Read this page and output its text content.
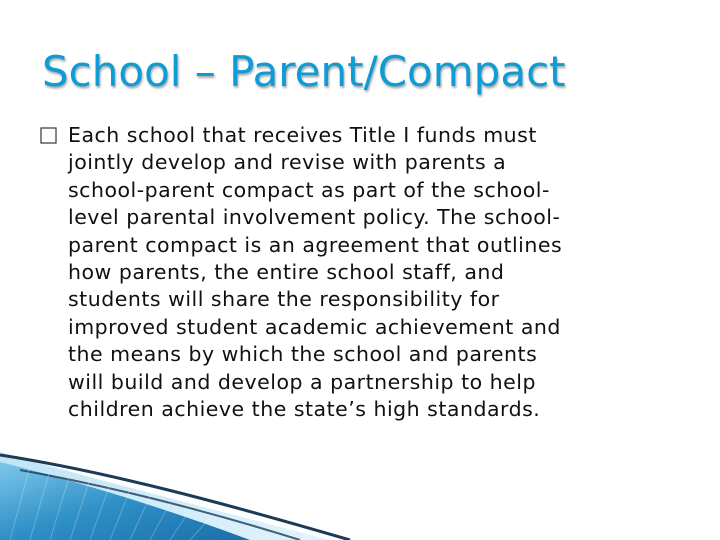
School – Parent/Compact
Each school that receives Title I funds must
jointly develop and revise with parents a
school-parent compact as part of the school-
level parental involvement policy. The school-
parent compact is an agreement that outlines
how parents, the entire school staff, and
students will share the responsibility for
improved student academic achievement and
the means by which the school and parents
will build and develop a partnership to help
children achieve the state’s high standards.
